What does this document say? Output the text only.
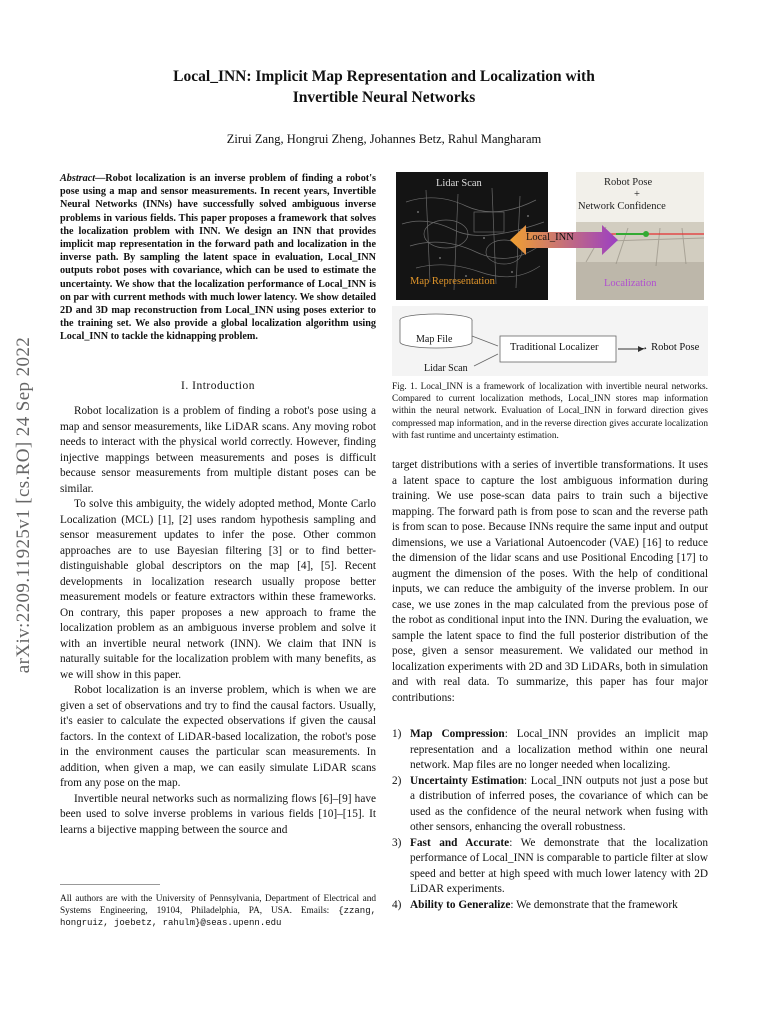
Local_INN: Implicit Map Representation and Localization with
Invertible Neural Networks
Zirui Zang, Hongrui Zheng, Johannes Betz, Rahul Mangharam
arXiv:2209.11925v1 [cs.RO] 24 Sep 2022
Abstract—Robot localization is an inverse problem of finding a robot's pose using a map and sensor measurements. In recent years, Invertible Neural Networks (INNs) have successfully solved ambiguous inverse problems in various fields. This paper proposes a framework that solves the localization problem with INN. We design an INN that provides implicit map representation in the forward path and localization in the inverse path. By sampling the latent space in evaluation, Local_INN outputs robot poses with covariance, which can be used to estimate the uncertainty. We show that the localization performance of Local_INN is on par with current methods with much lower latency. We show detailed 2D and 3D map reconstruction from Local_INN using poses exterior to the training set. We also provide a global localization algorithm using Local_INN to tackle the kidnapping problem.
I. Introduction

Robot localization is a problem of finding a robot's pose using a map and sensor measurements, like LiDAR scans. Any moving robot needs to interact with the physical world correctly. However, finding injective mappings between measurements and poses is difficult because sensor measurements from multiple distant poses can be similar.

To solve this ambiguity, the widely adopted method, Monte Carlo Localization (MCL) [1], [2] uses random hypothesis sampling and sensor measurement updates to infer the pose. Other common approaches are to use Bayesian filtering [3] or to find better-distinguishable global descriptors on the map [4], [5]. Recent developments in localization research usually propose better measurement models or feature extractors within these frameworks. On contrary, this paper proposes a new approach to frame the localization problem as an ambiguous inverse problem and solve it with an invertible neural network (INN). We claim that INN is naturally suitable for the localization problem with many benefits, as we will show in this paper.

Robot localization is an inverse problem, which is when we are given a set of observations and try to find the causal factors. Usually, it's easier to calculate the expected observations if given the causal factors. In the context of LiDAR-based localization, the robot's pose in the environment causes the particular scan measurements. In addition, when given a map, we can easily simulate LiDAR scans from any pose on the map.

Invertible neural networks such as normalizing flows [6]–[9] have been used to solve inverse problems in various fields [10]–[15]. It learns a bijective mapping between the source and

All authors are with the University of Pennsylvania, Department of Electrical and Systems Engineering, 19104, Philadelphia, PA, USA. Emails: {zzang, hongruiz, joebetz, rahulm}@seas.upenn.edu
Lidar Scan
Map Representation
Robot Pose
+
Network Confidence
Localization
Local_INN
Map File
Traditional Localizer	→ Robot Pose
Lidar Scan
Fig. 1. Local_INN is a framework of localization with invertible neural networks. Compared to current localization methods, Local_INN stores map information within the neural network. Evaluation of Local_INN in forward direction gives compressed map information, and in the reverse direction gives accurate localization with fast runtime and uncertainty estimation.

target distributions with a series of invertible transformations. It uses a latent space to capture the lost ambiguous information during training. We use pose-scan data pairs to train such a bijective mapping. The forward path is from pose to scan and the reverse path is from scan to pose. Because INNs require the same input and output dimensions, we use a Variational Autoencoder (VAE) [16] to reduce the dimension of the lidar scans and use Positional Encoding [17] to augment the dimension of the poses. With the help of conditional inputs, we can reduce the ambiguity of the inverse problem. In our case, we use zones in the map calculated from the previous pose of the robot as conditional input into the INN. During the evaluation, we sample the latent space to find the full posterior distribution of the pose, given a sensor measurement. We validated our method in localization experiments with 2D and 3D LiDARs, both in simulation and with real data. To summarize, this paper has four major contributions:

1) Map Compression: Local_INN provides an implicit map representation and a localization method within one neural network. Map files are no longer needed when localizing.
2) Uncertainty Estimation: Local_INN outputs not just a pose but a distribution of inferred poses, the covariance of which can be used as the confidence of the neural network when fusing with other sensors, enhancing the overall robustness.
3) Fast and Accurate: We demonstrate that the localization performance of Local_INN is comparable to particle filter at slow speed and better at high speed with much lower latency with 2D LiDAR experiments.
4) Ability to Generalize: We demonstrate that the framework
